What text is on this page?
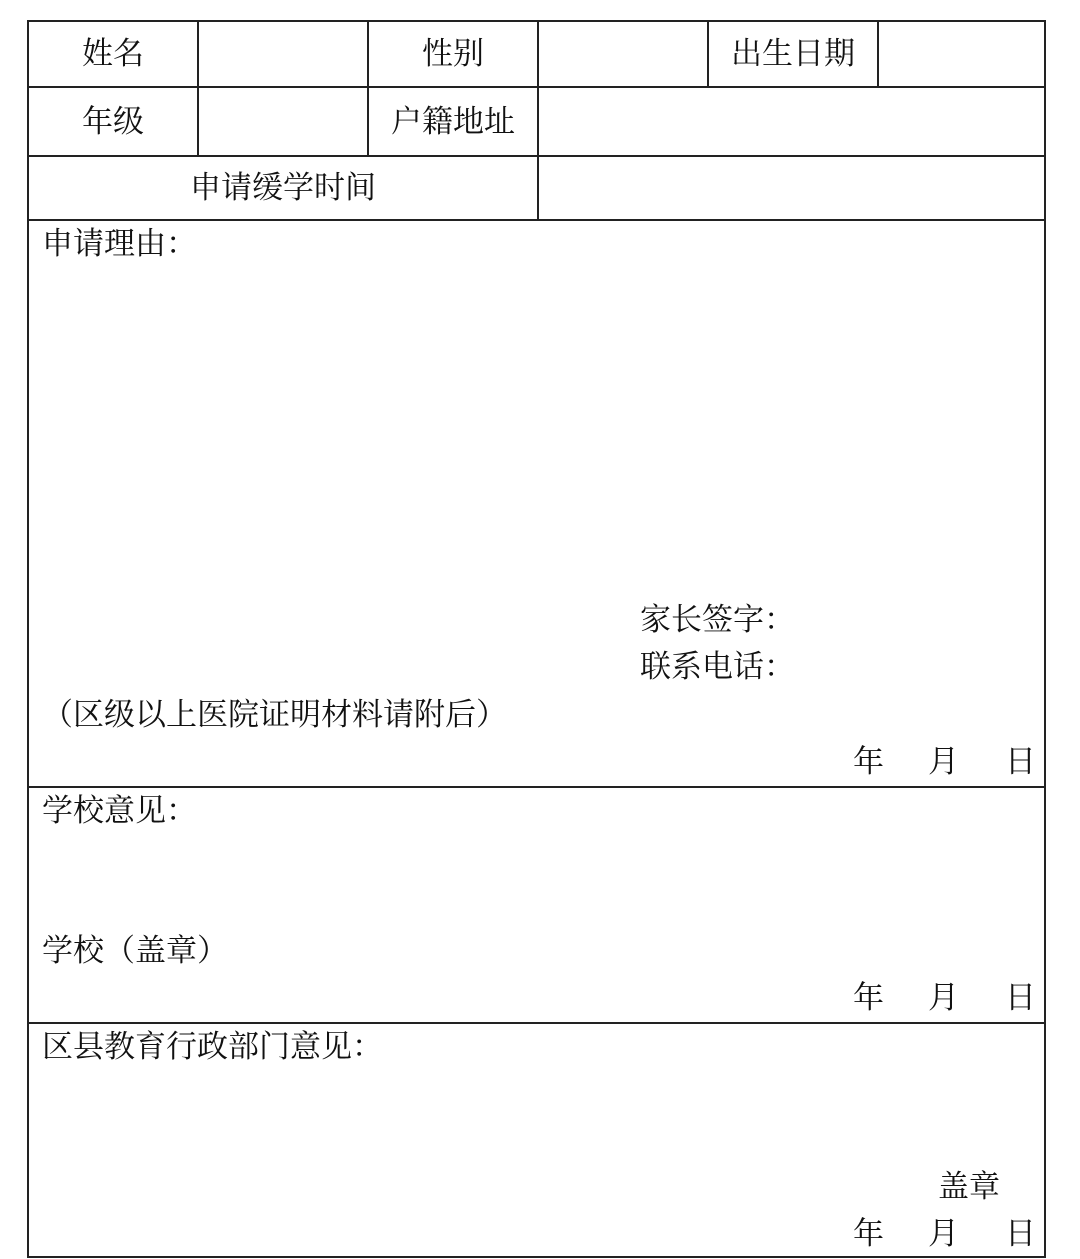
姓名	性别	出生日期
年级	户籍地址
申请缓学时间
申请理由：
家长签字：
联系电话：
（区级以上医院证明材料请附后）
年 月 日
学校意见：
学校（盖章）
年 月 日
区县教育行政部门意见：
盖章
年 月 日
